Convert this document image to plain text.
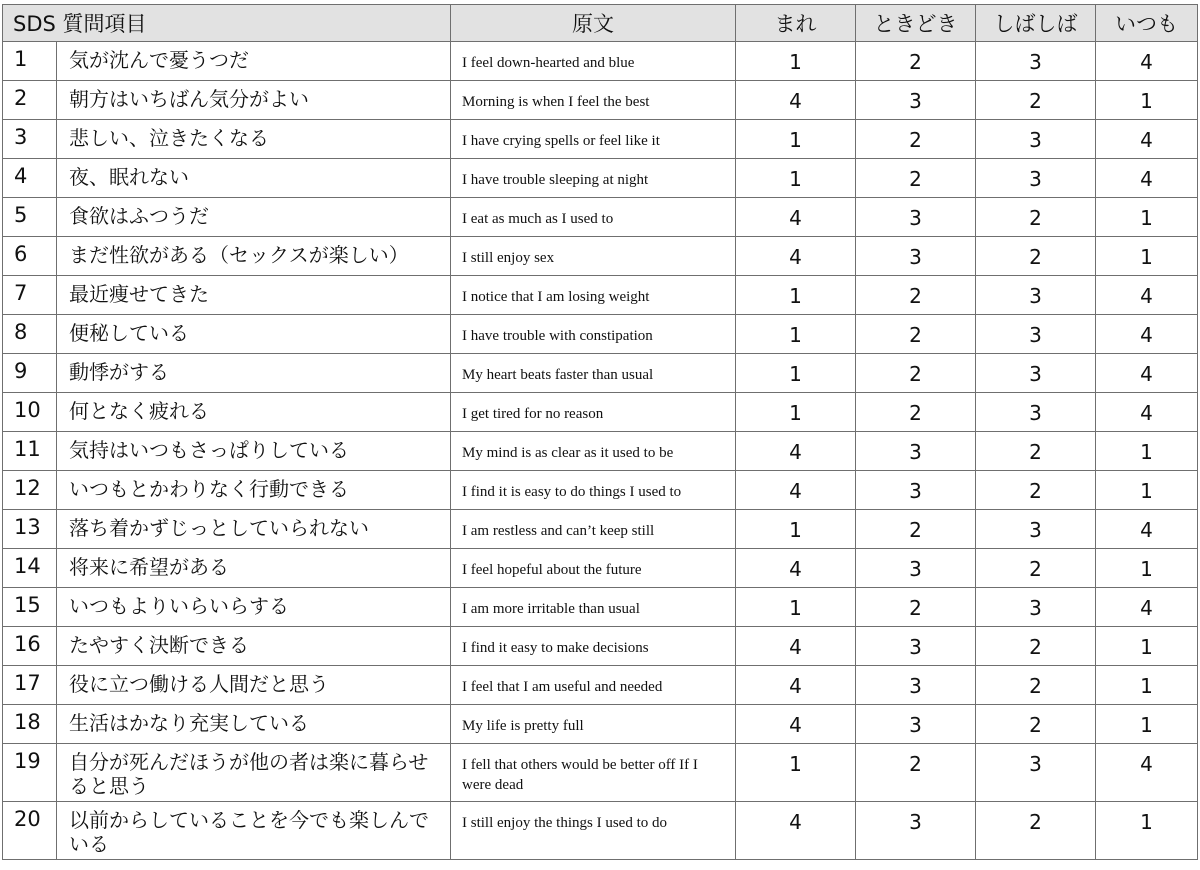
SDS 質問項目		原文	まれ	ときどき	しばしば	いつも
1	気が沈んで憂うつだ	I feel down-hearted and blue	1	2	3	4
2	朝方はいちばん気分がよい	Morning is when I feel the best	4	3	2	1
3	悲しい、泣きたくなる	I have crying spells or feel like it	1	2	3	4
4	夜、眠れない	I have trouble sleeping at night	1	2	3	4
5	食欲はふつうだ	I eat as much as I used to	4	3	2	1
6	まだ性欲がある（セックスが楽しい）	I still enjoy sex	4	3	2	1
7	最近痩せてきた	I notice that I am losing weight	1	2	3	4
8	便秘している	I have trouble with constipation	1	2	3	4
9	動悸がする	My heart beats faster than usual	1	2	3	4
10	何となく疲れる	I get tired for no reason	1	2	3	4
11	気持はいつもさっぱりしている	My mind is as clear as it used to be	4	3	2	1
12	いつもとかわりなく行動できる	I find it is easy to do things I used to	4	3	2	1
13	落ち着かずじっとしていられない	I am restless and can’t keep still	1	2	3	4
14	将来に希望がある	I feel hopeful about the future	4	3	2	1
15	いつもよりいらいらする	I am more irritable than usual	1	2	3	4
16	たやすく決断できる	I find it easy to make decisions	4	3	2	1
17	役に立つ働ける人間だと思う	I feel that I am useful and needed	4	3	2	1
18	生活はかなり充実している	My life is pretty full	4	3	2	1
19	自分が死んだほうが他の者は楽に暮らせると思う	I fell that others would be better off If I were dead	1	2	3	4
20	以前からしていることを今でも楽しんでいる	I still enjoy the things I used to do	4	3	2	1
